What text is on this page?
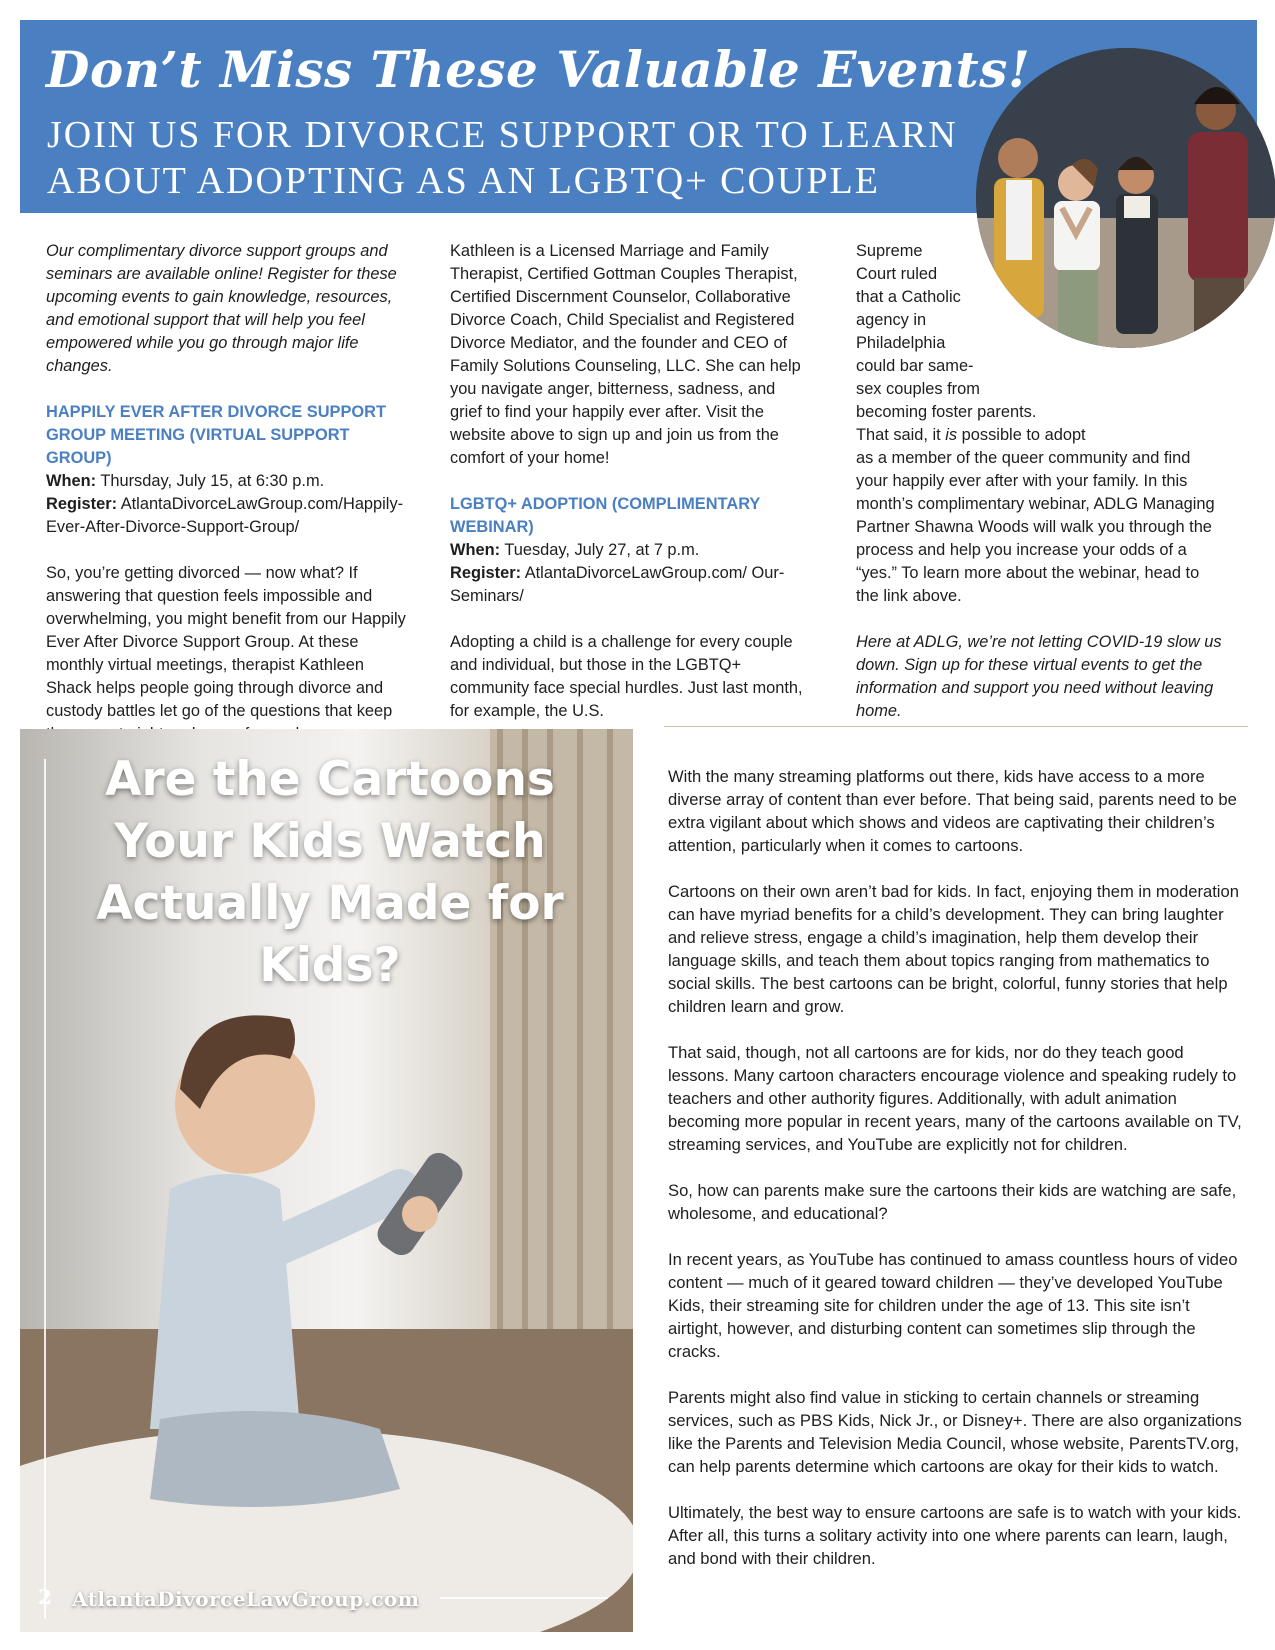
Don’t Miss These Valuable Events!
JOIN US FOR DIVORCE SUPPORT OR TO LEARN
ABOUT ADOPTING AS AN LGBTQ+ COUPLE

Our complimentary divorce support groups and seminars are available online! Register for these upcoming events to gain knowledge, resources, and emotional support that will help you feel empowered while you go through major life changes.

HAPPILY EVER AFTER DIVORCE SUPPORT GROUP MEETING (VIRTUAL SUPPORT GROUP)
When: Thursday, July 15, at 6:30 p.m.
Register: AtlantaDivorceLawGroup.com/Happily-Ever-After-Divorce-Support-Group/

So, you’re getting divorced — now what? If answering that question feels impossible and overwhelming, you might benefit from our Happily Ever After Divorce Support Group. At these monthly virtual meetings, therapist Kathleen Shack helps people going through divorce and custody battles let go of the questions that keep

Kathleen is a Licensed Marriage and Family Therapist, Certified Gottman Couples Therapist, Certified Discernment Counselor, Collaborative Divorce Coach, Child Specialist and Registered Divorce Mediator, and the founder and CEO of Family Solutions Counseling, LLC. She can help you navigate anger, bitterness, sadness, and grief to find your happily ever after. Visit the website above to sign up and join us from the comfort of your home!

LGBTQ+ ADOPTION (COMPLIMENTARY WEBINAR)
When: Tuesday, July 27, at 7 p.m.
Register: AtlantaDivorceLawGroup.com/ Our-Seminars/

Adopting a child is a challenge for every couple and individual, but those in the LGBTQ+ community face special hurdles. Just last month, for example, the U.S.

Supreme
Court ruled
that a Catholic
agency in
Philadelphia
could bar same-
sex couples from
becoming foster parents.
That said, it is possible to adopt

as a member of the queer community and find your happily ever after with your family. In this month’s complimentary webinar, ADLG Managing Partner Shawna Woods will walk you through the process and help you increase your odds of a “yes.” To learn more about the webinar, head to the link above.

Here at ADLG, we’re not letting COVID-19 slow us down. Sign up for these virtual events to get the information and support you need without leaving home.

Are the Cartoons Your Kids Watch Actually Made for Kids?
2 AtlantaDivorceLawGroup.com

With the many streaming platforms out there, kids have access to a more diverse array of content than ever before. That being said, parents need to be extra vigilant about which shows and videos are captivating their children’s attention, particularly when it comes to cartoons.

Cartoons on their own aren’t bad for kids. In fact, enjoying them in moderation can have myriad benefits for a child’s development. They can bring laughter and relieve stress, engage a child’s imagination, help them develop their language skills, and teach them about topics ranging from mathematics to social skills. The best cartoons can be bright, colorful, funny stories that help children learn and grow.

That said, though, not all cartoons are for kids, nor do they teach good lessons. Many cartoon characters encourage violence and speaking rudely to teachers and other authority figures. Additionally, with adult animation becoming more popular in recent years, many of the cartoons available on TV, streaming services, and YouTube are explicitly not for children.

So, how can parents make sure the cartoons their kids are watching are safe, wholesome, and educational?

In recent years, as YouTube has continued to amass countless hours of video content — much of it geared toward children — they’ve developed YouTube Kids, their streaming site for children under the age of 13. This site isn’t airtight, however, and disturbing content can sometimes slip through the cracks.

Parents might also find value in sticking to certain channels or streaming services, such as PBS Kids, Nick Jr., or Disney+. There are also organizations like the Parents and Television Media Council, whose website, ParentsTV.org, can help parents determine which cartoons are okay for their kids to watch.

Ultimately, the best way to ensure cartoons are safe is to watch with your kids. After all, this turns a solitary activity into one where parents can learn, laugh, and bond with their children.
